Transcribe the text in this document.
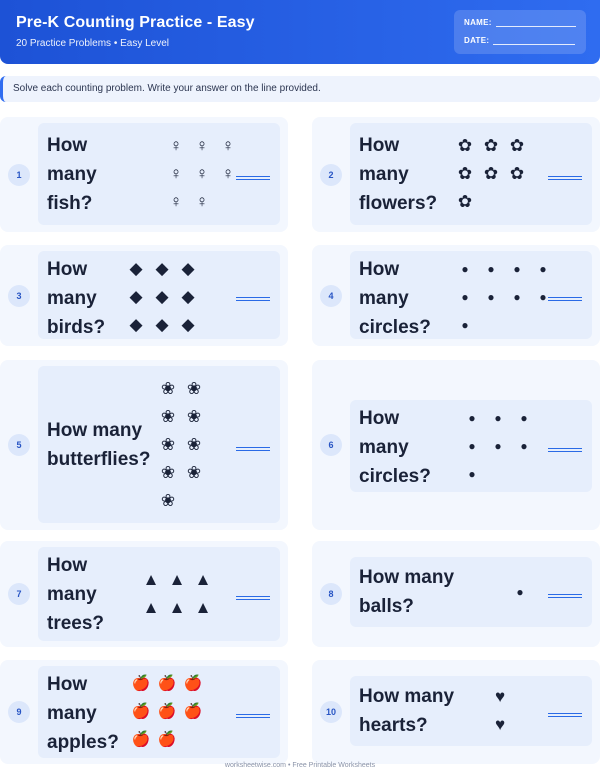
Pre-K Counting Practice - Easy
20 Practice Problems • Easy Level
NAME:
DATE:
Solve each counting problem. Write your answer on the line provided.
1
How
many
fish?
♀ ♀ ♀
♀ ♀ ♀
♀ ♀
2
How
many
flowers?
✿ ✿ ✿
✿ ✿ ✿
✿
3
How
many
birds?
◆ ◆ ◆
◆ ◆ ◆
◆ ◆ ◆
4
How
many
circles?
●	●	●	●
●	●	●	●
●
5
How many
butterflies?
❀ ❀
❀ ❀
❀ ❀
❀ ❀
❀
6
How
many
circles?
●	●	●
●	●	●
●
7
How
many
trees?
▲ ▲ ▲
▲ ▲ ▲
8
How many
balls?
●
9
How
many
apples?
🍎 🍎 🍎
🍎 🍎 🍎
🍎 🍎
10
How many
hearts?
♥
♥
worksheetwise.com • Free Printable Worksheets
